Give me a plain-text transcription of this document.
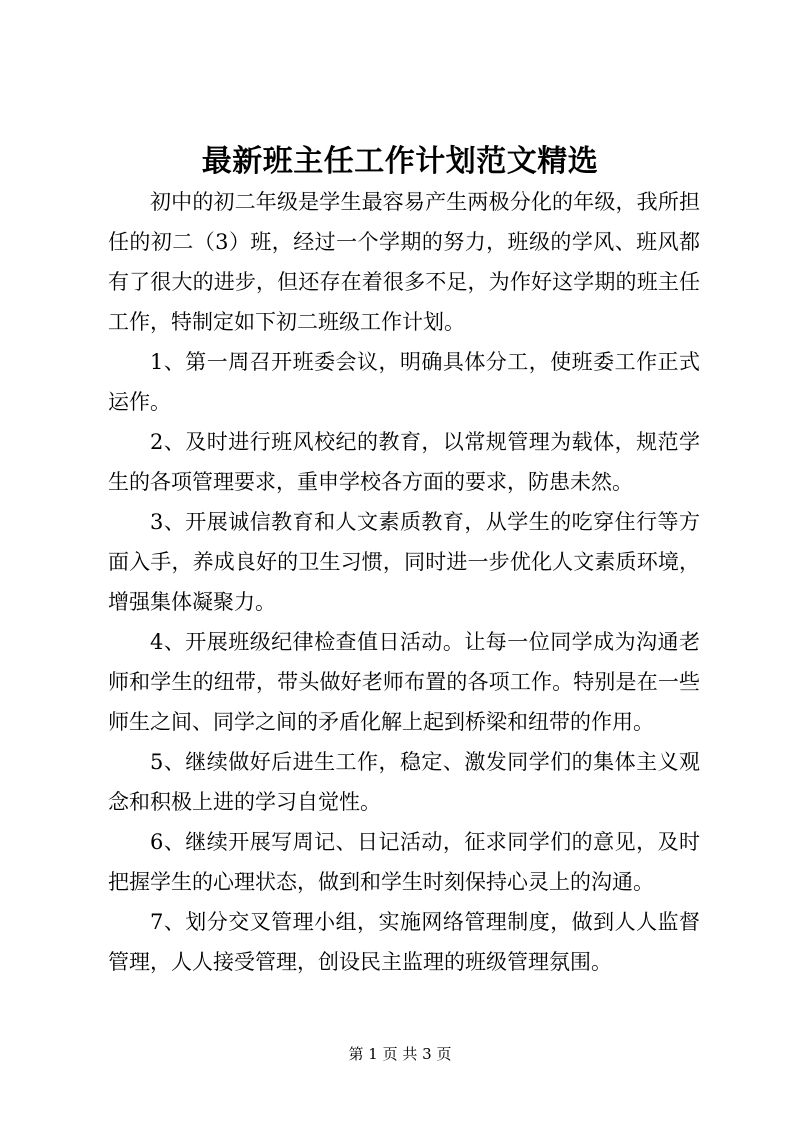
最新班主任工作计划范文精选

初中的初二年级是学生最容易产生两极分化的年级，我所担任的初二（3）班，经过一个学期的努力，班级的学风、班风都有了很大的进步，但还存在着很多不足，为作好这学期的班主任工作，特制定如下初二班级工作计划。

1、第一周召开班委会议，明确具体分工，使班委工作正式运作。

2、及时进行班风校纪的教育，以常规管理为载体，规范学生的各项管理要求，重申学校各方面的要求，防患未然。

3、开展诚信教育和人文素质教育，从学生的吃穿住行等方面入手，养成良好的卫生习惯，同时进一步优化人文素质环境，增强集体凝聚力。

4、开展班级纪律检查值日活动。让每一位同学成为沟通老师和学生的纽带，带头做好老师布置的各项工作。特别是在一些师生之间、同学之间的矛盾化解上起到桥梁和纽带的作用。

5、继续做好后进生工作，稳定、激发同学们的集体主义观念和积极上进的学习自觉性。

6、继续开展写周记、日记活动，征求同学们的意见，及时把握学生的心理状态，做到和学生时刻保持心灵上的沟通。

7、划分交叉管理小组，实施网络管理制度，做到人人监督管理，人人接受管理，创设民主监理的班级管理氛围。

第 1 页 共 3 页
